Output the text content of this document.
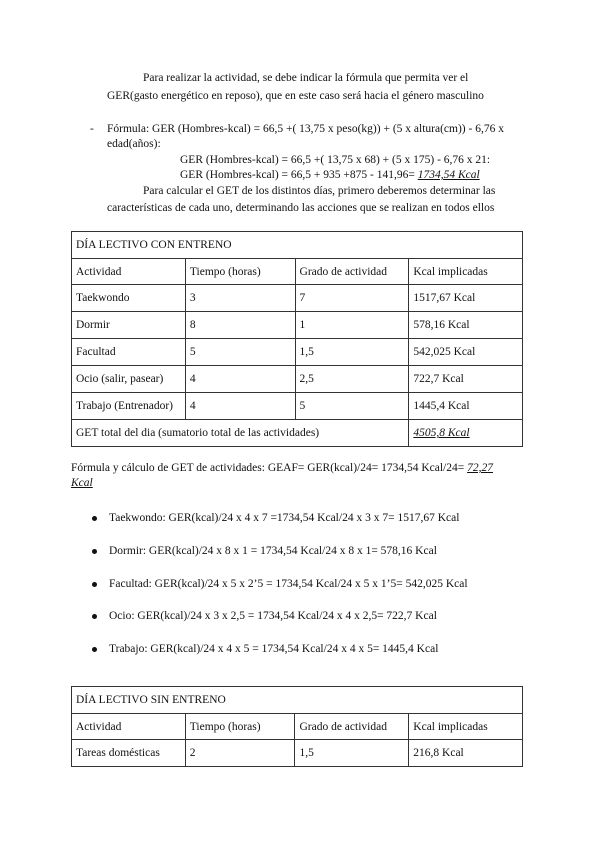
Para realizar la actividad, se debe indicar la fórmula que permita ver el
GER(gasto energético en reposo), que en este caso será hacia el género masculino
- Fórmula: GER (Hombres-kcal) = 66,5 +( 13,75 x peso(kg)) + (5 x altura(cm)) - 6,76 x
edad(años):
GER (Hombres-kcal) = 66,5 +( 13,75 x 68) + (5 x 175) - 6,76 x 21:
GER (Hombres-kcal) = 66,5 + 935 +875 - 141,96= 1734,54 Kcal
Para calcular el GET de los distintos días, primero deberemos determinar las
características de cada uno, determinando las acciones que se realizan en todos ellos
DÍA LECTIVO CON ENTRENO			
Actividad	Tiempo (horas)	Grado de actividad	Kcal implicadas
Taekwondo	3	7	1517,67 Kcal
Dormir	8	1	578,16 Kcal
Facultad	5	1,5	542,025 Kcal
Ocio (salir, pasear)	4	2,5	722,7 Kcal
Trabajo (Entrenador)	4	5	1445,4 Kcal
GET total del dia (sumatorio total de las actividades)			4505,8 Kcal
Fórmula y cálculo de GET de actividades: GEAF= GER(kcal)/24= 1734,54 Kcal/24= 72,27
Kcal
Taekwondo: GER(kcal)/24 x 4 x 7 =1734,54 Kcal/24 x 3 x 7= 1517,67 Kcal
Dormir: GER(kcal)/24 x 8 x 1 = 1734,54 Kcal/24 x 8 x 1= 578,16 Kcal
Facultad: GER(kcal)/24 x 5 x 2’5 = 1734,54 Kcal/24 x 5 x 1’5= 542,025 Kcal
Ocio: GER(kcal)/24 x 3 x 2,5 = 1734,54 Kcal/24 x 4 x 2,5= 722,7 Kcal
Trabajo: GER(kcal)/24 x 4 x 5 = 1734,54 Kcal/24 x 4 x 5= 1445,4 Kcal
DÍA LECTIVO SIN ENTRENO			
Actividad	Tiempo (horas)	Grado de actividad	Kcal implicadas
Tareas domésticas	2	1,5	216,8 Kcal
